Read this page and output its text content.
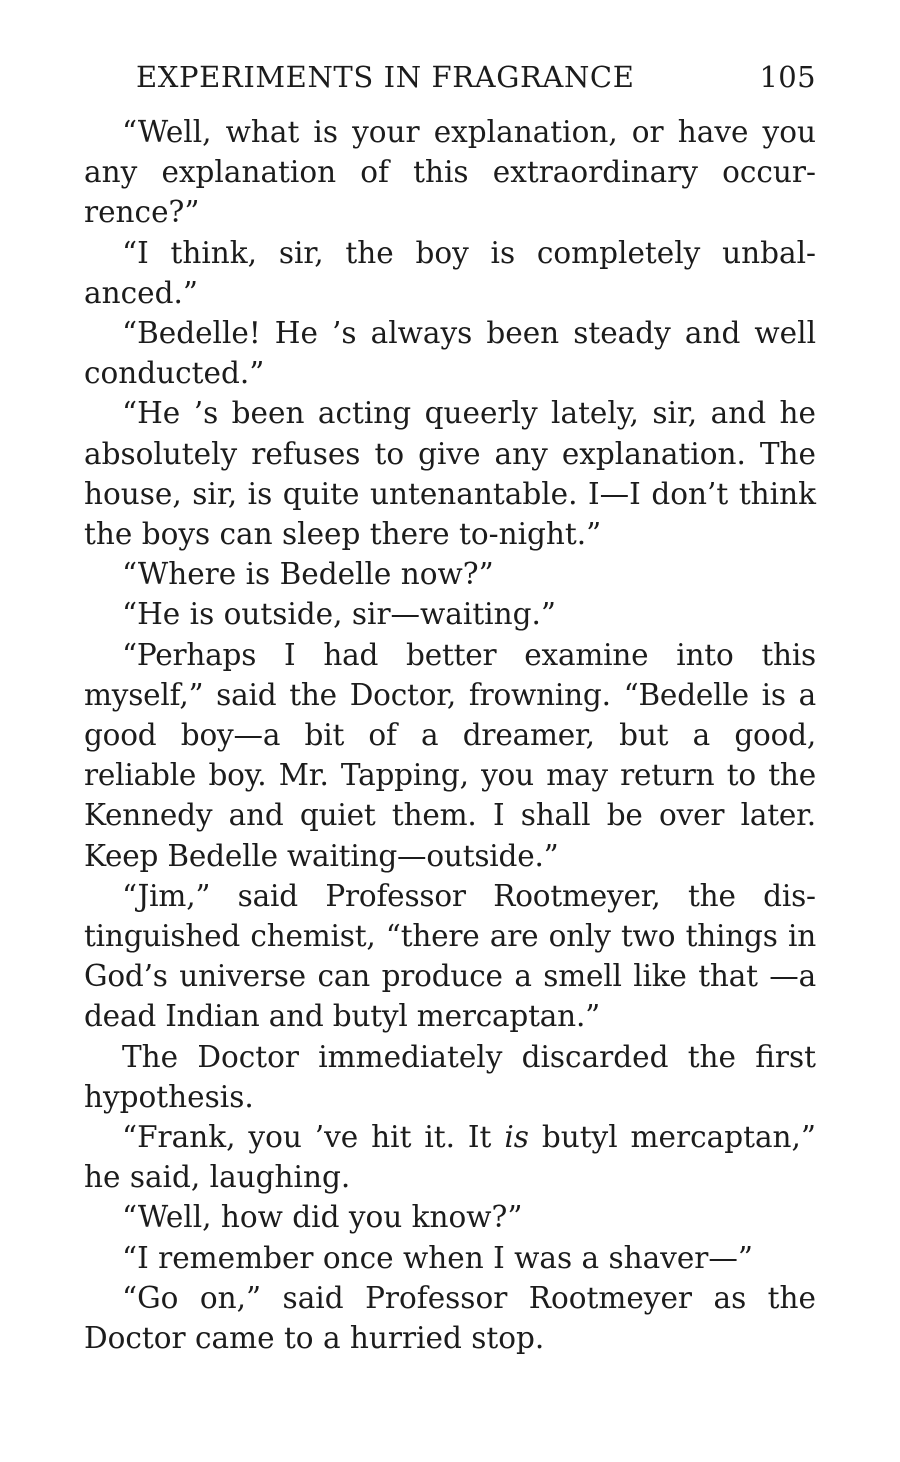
EXPERIMENTS IN FRAGRANCE	105

“Well, what is your explanation, or have you any explanation of this extraordinary occurrence?”

“I think, sir, the boy is completely unbalanced.”

“Bedelle! He ’s always been steady and well conducted.”

“He ’s been acting queerly lately, sir, and he absolutely refuses to give any explanation. The house, sir, is quite untenantable. I—I don’t think the boys can sleep there to-night.”

“Where is Bedelle now?”

“He is outside, sir—waiting.”

“Perhaps I had better examine into this myself,” said the Doctor, frowning. “Bedelle is a good boy—a bit of a dreamer, but a good, reliable boy. Mr. Tapping, you may return to the Kennedy and quiet them. I shall be over later. Keep Bedelle waiting—outside.”

“Jim,” said Professor Rootmeyer, the distinguished chemist, “there are only two things in God’s universe can produce a smell like that —a dead Indian and butyl mercaptan.”

The Doctor immediately discarded the first hypothesis.

“Frank, you ’ve hit it. It is butyl mercaptan,” he said, laughing.

“Well, how did you know?”

“I remember once when I was a shaver—”

“Go on,” said Professor Rootmeyer as the Doctor came to a hurried stop.
